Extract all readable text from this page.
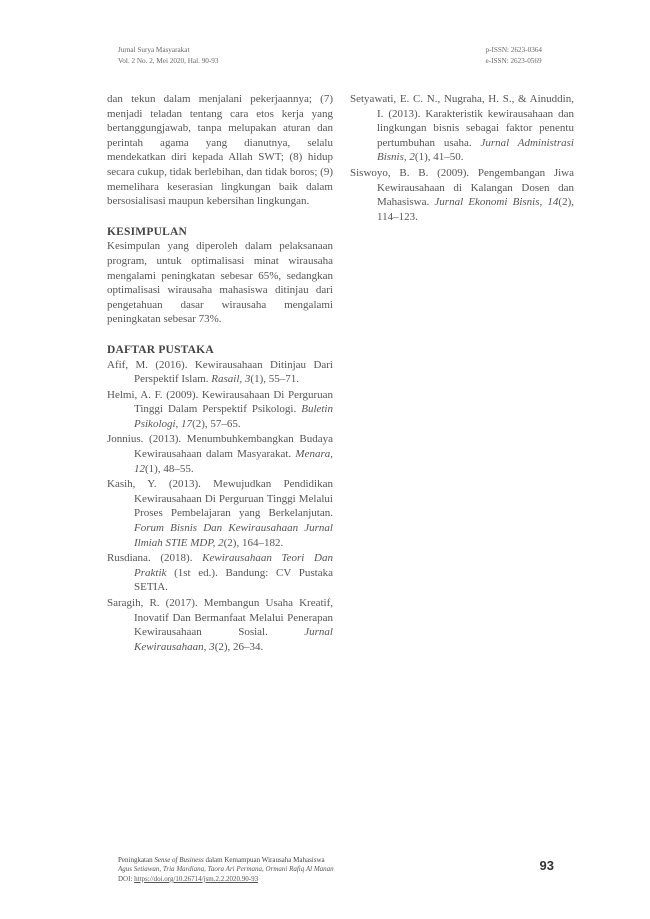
Jurnal Surya Masyarakat
Vol. 2 No. 2, Mei 2020, Hal. 90-93
p-ISSN: 2623-0364
e-ISSN: 2623-0569

dan tekun dalam menjalani pekerjaannya; (7) menjadi teladan tentang cara etos kerja yang bertanggungjawab, tanpa melupakan aturan dan perintah agama yang dianutnya, selalu mendekatkan diri kepada Allah SWT; (8) hidup secara cukup, tidak berlebihan, dan tidak boros; (9) memelihara keserasian lingkungan baik dalam bersosialisasi maupun kebersihan lingkungan.

KESIMPULAN

Kesimpulan yang diperoleh dalam pelaksanaan program, untuk optimalisasi minat wirausaha mengalami peningkatan sebesar 65%, sedangkan optimalisasi wirausaha mahasiswa ditinjau dari pengetahuan dasar wirausaha mengalami peningkatan sebesar 73%.

DAFTAR PUSTAKA

Afif, M. (2016). Kewirausahaan Ditinjau Dari Perspektif Islam. Rasail, 3(1), 55–71.

Helmi, A. F. (2009). Kewirausahaan Di Perguruan Tinggi Dalam Perspektif Psikologi. Buletin Psikologi, 17(2), 57–65.

Jonnius. (2013). Menumbuhkembangkan Budaya Kewirausahaan dalam Masyarakat. Menara, 12(1), 48–55.

Kasih, Y. (2013). Mewujudkan Pendidikan Kewirausahaan Di Perguruan Tinggi Melalui Proses Pembelajaran yang Berkelanjutan. Forum Bisnis Dan Kewirausahaan Jurnal Ilmiah STIE MDP, 2(2), 164–182.

Rusdiana. (2018). Kewirausahaan Teori Dan Praktik (1st ed.). Bandung: CV Pustaka SETIA.

Saragih, R. (2017). Membangun Usaha Kreatif, Inovatif Dan Bermanfaat Melalui Penerapan Kewirausahaan Sosial. Jurnal Kewirausahaan, 3(2), 26–34.

Setyawati, E. C. N., Nugraha, H. S., & Ainuddin, I. (2013). Karakteristik kewirausahaan dan lingkungan bisnis sebagai faktor penentu pertumbuhan usaha. Jurnal Administrasi Bisnis, 2(1), 41–50.

Siswoyo, B. B. (2009). Pengembangan Jiwa Kewirausahaan di Kalangan Dosen dan Mahasiswa. Jurnal Ekonomi Bisnis, 14(2), 114–123.

Peningkatan Sense of Business dalam Kemampuan Wirausaha Mahasiswa
Agus Setiawan, Tria Mardiana, Taora Ari Permana, Ormani Rafiq Al Manan
DOI: https://doi.org/10.26714/jsm.2.2.2020.90-93
93
